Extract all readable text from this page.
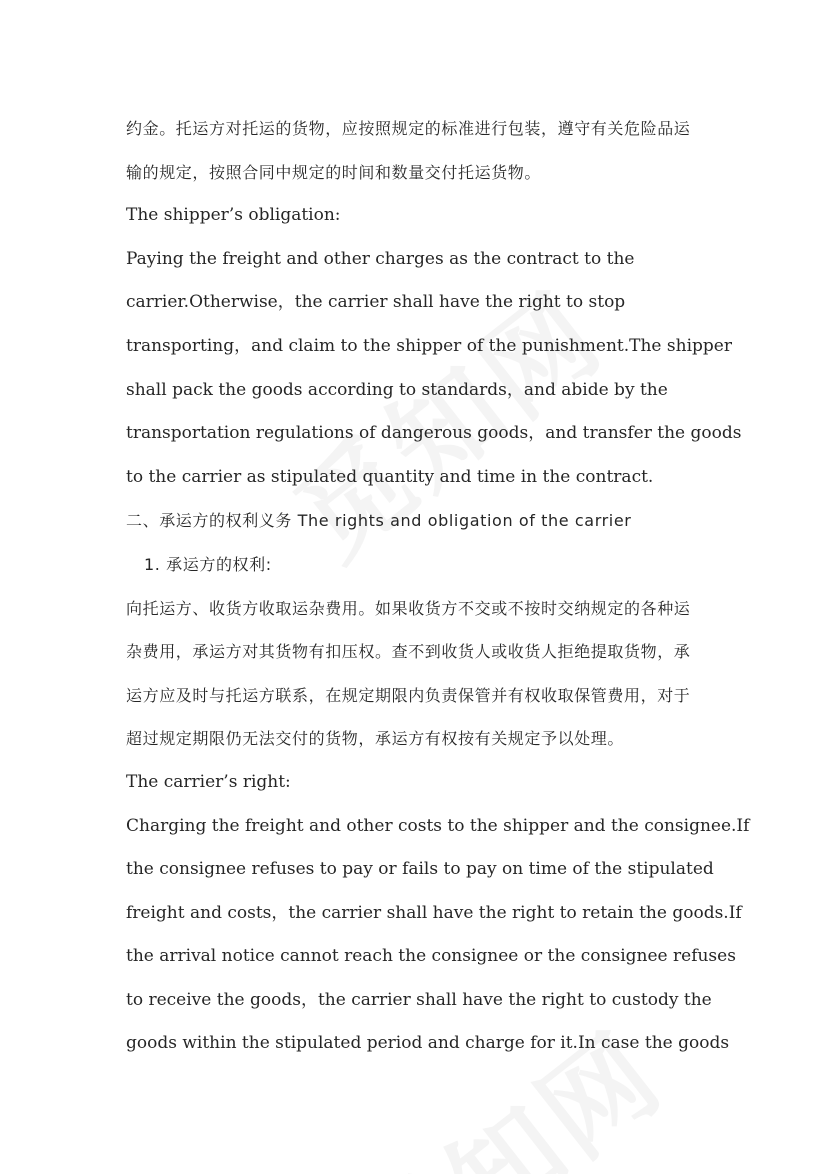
约金。托运方对托运的货物，应按照规定的标准进行包装，遵守有关危险品运
输的规定，按照合同中规定的时间和数量交付托运货物。
The shipper’s obligation:
Paying the freight and other charges as the contract to the
carrier.Otherwise，the carrier shall have the right to stop
transporting，and claim to the shipper of the punishment.The shipper
shall pack the goods according to standards，and abide by the
transportation regulations of dangerous goods，and transfer the goods
to the carrier as stipulated quantity and time in the contract.
二、承运方的权利义务 The rights and obligation of the carrier
1. 承运方的权利:
向托运方、收货方收取运杂费用。如果收货方不交或不按时交纳规定的各种运
杂费用，承运方对其货物有扣压权。查不到收货人或收货人拒绝提取货物，承
运方应及时与托运方联系，在规定期限内负责保管并有权收取保管费用，对于
超过规定期限仍无法交付的货物，承运方有权按有关规定予以处理。
The carrier’s right:
Charging the freight and other costs to the shipper and the consignee.If
the consignee refuses to pay or fails to pay on time of the stipulated
freight and costs，the carrier shall have the right to retain the goods.If
the arrival notice cannot reach the consignee or the consignee refuses
to receive the goods，the carrier shall have the right to custody the
goods within the stipulated period and charge for it.In case the goods
